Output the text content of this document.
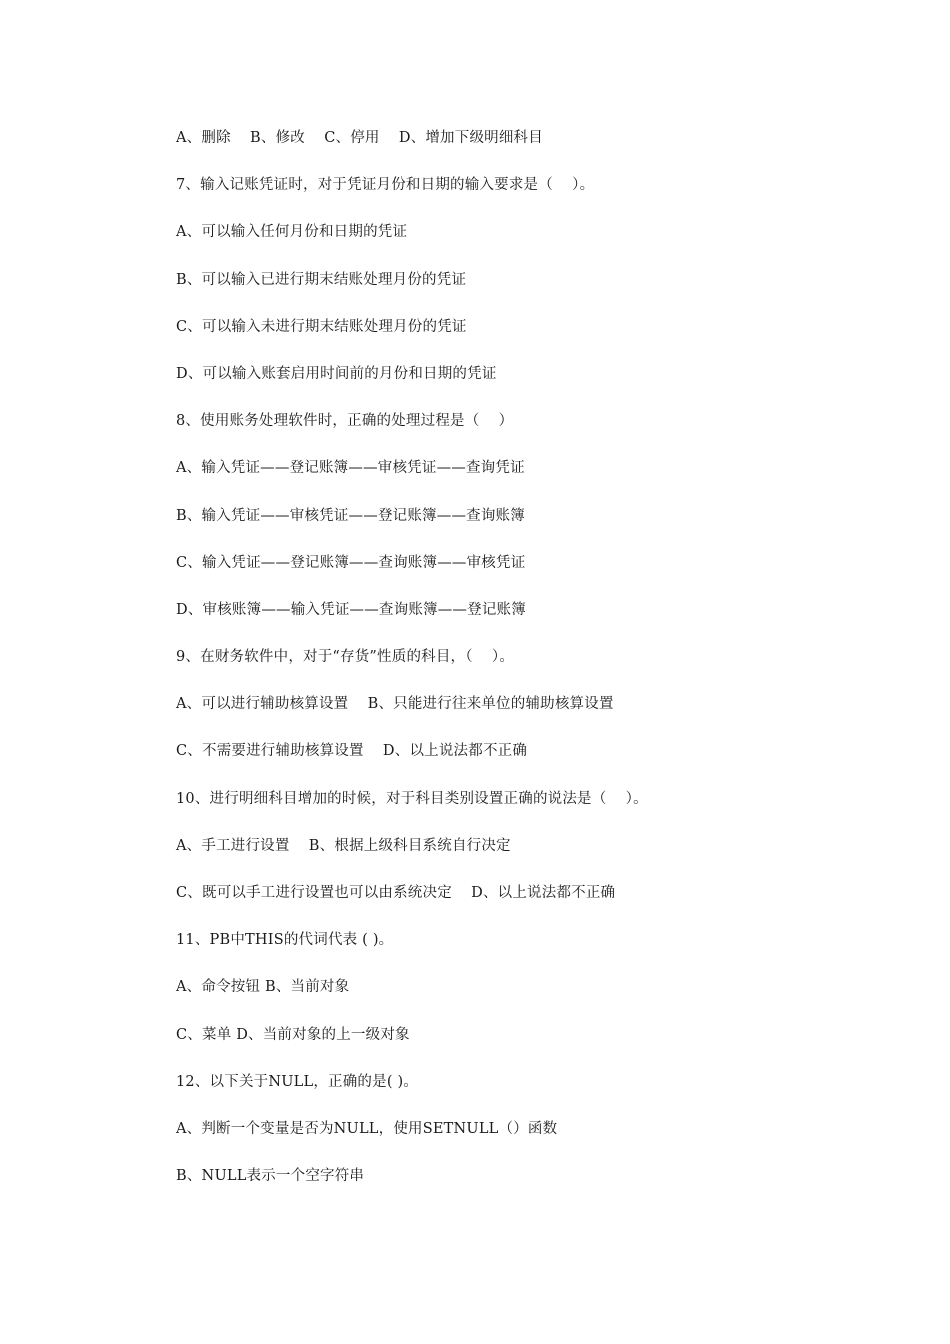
A、删除    B、修改    C、停用    D、增加下级明细科目
7、输入记账凭证时，对于凭证月份和日期的输入要求是（    ）。
A、可以输入任何月份和日期的凭证
B、可以输入已进行期末结账处理月份的凭证
C、可以输入未进行期末结账处理月份的凭证
D、可以输入账套启用时间前的月份和日期的凭证
8、使用账务处理软件时，正确的处理过程是（    ）
A、输入凭证——登记账簿——审核凭证——查询凭证
B、输入凭证——审核凭证——登记账簿——查询账簿
C、输入凭证——登记账簿——查询账簿——审核凭证
D、审核账簿——输入凭证——查询账簿——登记账簿
9、在财务软件中，对于“存货”性质的科目，（    ）。
A、可以进行辅助核算设置    B、只能进行往来单位的辅助核算设置
C、不需要进行辅助核算设置    D、以上说法都不正确
10、进行明细科目增加的时候，对于科目类别设置正确的说法是（    ）。
A、手工进行设置    B、根据上级科目系统自行决定
C、既可以手工进行设置也可以由系统决定    D、以上说法都不正确
11、PB中THIS的代词代表 ( )。
A、命令按钮 B、当前对象
C、菜单 D、当前对象的上一级对象
12、以下关于NULL，正确的是( )。
A、判断一个变量是否为NULL，使用SETNULL（）函数
B、NULL表示一个空字符串
